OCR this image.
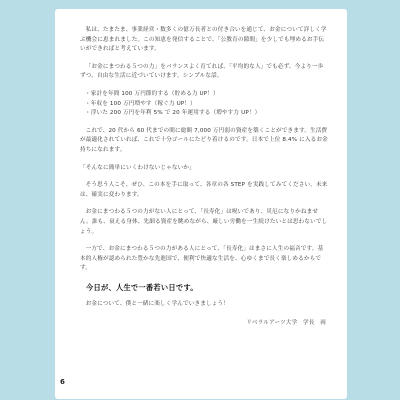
私は、たまたま、事業経営・数多くの億万長者との付き合いを通じて、お金について詳しく学ぶ機会に恵まれました。この知恵を発信することで、「公教育の隙間」を少しでも埋めるお手伝いができればと考えています。

「お金にまつわる５つの力」をバランスよく育てれば、「平均的な人」でも必ず、今より一歩ずつ、自由な生活に近づいていけます。シンプルな話。

・家計を年間 100 万円節約する（貯める力 UP！）
・年収を 100 万円増やす（稼ぐ力 UP！）
・浮いた 200 万円を年利 5% で 20 年運用する（増やす力 UP！）

これで、20 代から 60 代までの間に総額 7,000 万円弱の資産を築くことができます。生活費が最適化されていれば、これで十分ゴールにたどり着けるのです。日本で上位 8.4% に入るお金持ちになれます。

「そんなに簡単にいくわけないじゃないか」

そう思う人こそ、ぜひ、この本を手に取って、各章の各 STEP を実践してみてください。未来は、確実に変わります。

お金にまつわる５つの力がない人にとって、「長寿化」は呪いであり、災厄になりかねません。誰も、衰える身体、先細る資産を眺めながら、厳しい労働を一生続けたいとは思わないでしょう。

一方で、お金にまつわる５つの力がある人にとって、「長寿化」はまさに人生の福音です。基本的人権が認められた豊かな先進国で、便利で快適な生活を、心ゆくまで長く楽しめるからです。

今日が、人生で一番若い日です。

お金について、僕と一緒に楽しく学んでいきましょう！

リベラルアーツ大学　学長　両

6
